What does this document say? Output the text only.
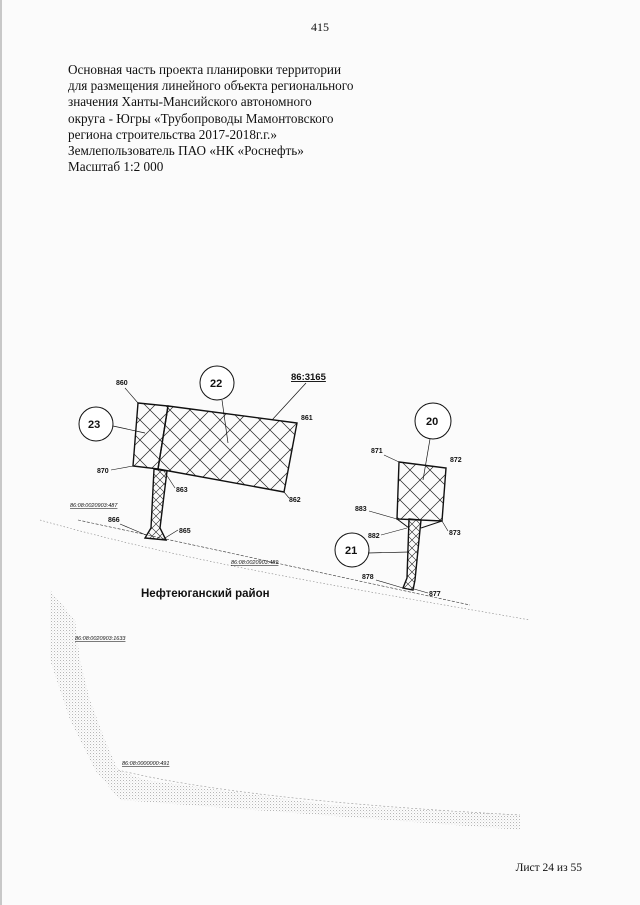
415
Основная часть проекта планировки территории
для размещения линейного объекта регионального
значения Ханты-Мансийского автономного
округа - Югры «Трубопроводы Мамонтовского
региона строительства 2017-2018г.г.»
Землепользователь ПАО «НК «Роснефть»
Масштаб 1:2 000
22
23	20
21
86:3165
860
861
862
863
870
866
865
871
872
873
883
882
878
877
86:08:0020903:487
86:08:0020903:489
86:08:0020903:1633
86:08:0000000:491
Нефтеюганский район
Лист 24 из 55
